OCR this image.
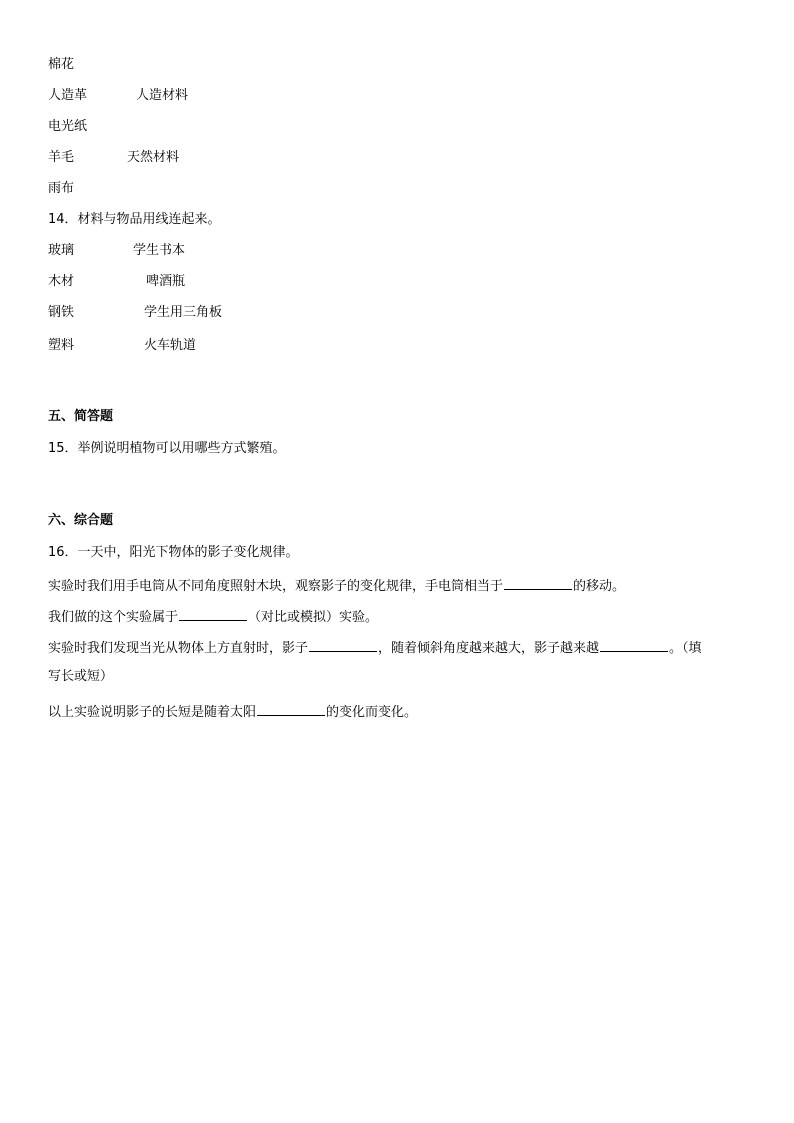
棉花
人造革	人造材料
电光纸
羊毛	天然材料
雨布
14．材料与物品用线连起来。
玻璃	学生书本
木材	啤酒瓶
钢铁	学生用三角板
塑料	火车轨道
五、简答题
15．举例说明植物可以用哪些方式繁殖。
六、综合题
16．一天中，阳光下物体的影子变化规律。
实验时我们用手电筒从不同角度照射木块，观察影子的变化规律，手电筒相当于	的移动。
我们做的这个实验属于	（对比或模拟）实验。
实验时我们发现当光从物体上方直射时，影子	，随着倾斜角度越来越大，影子越来越	。（填
写长或短）
以上实验说明影子的长短是随着太阳	的变化而变化。
